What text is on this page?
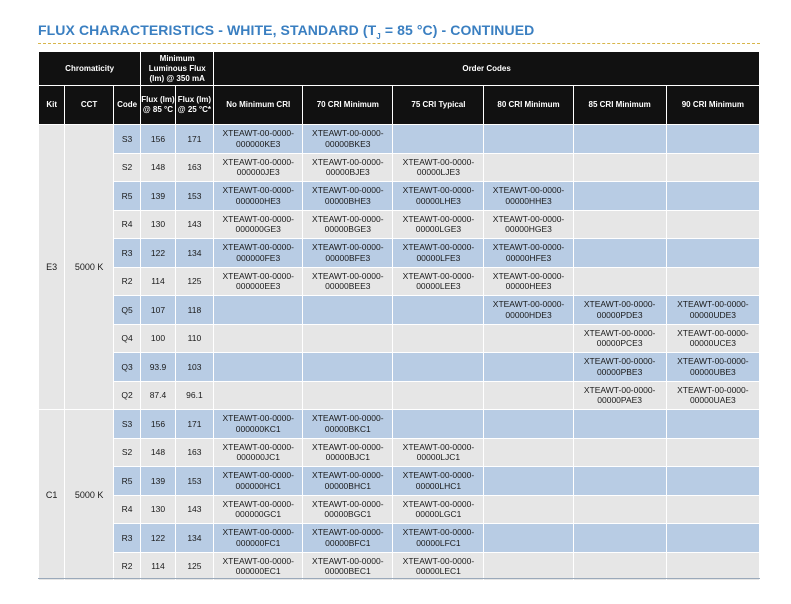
FLUX CHARACTERISTICS - WHITE, STANDARD ($T_J = 85$ °C) - CONTINUED
Chromaticity			Minimum Luminous Flux (lm) @ 350 mA		Order Codes					
Kit	CCT	Code	Flux (lm) @ 85 °C	Flux (lm) @ 25 °C*	No Minimum CRI	70 CRI Minimum	75 CRI Typical	80 CRI Minimum	85 CRI Minimum	90 CRI Minimum
E3	5000 K	S3	156	171	XTEAWT-00-0000-000000KE3	XTEAWT-00-0000-00000BKE3				
		S2	148	163	XTEAWT-00-0000-000000JE3	XTEAWT-00-0000-00000BJE3	XTEAWT-00-0000-00000LJE3			
		R5	139	153	XTEAWT-00-0000-000000HE3	XTEAWT-00-0000-00000BHE3	XTEAWT-00-0000-00000LHE3	XTEAWT-00-0000-00000HHE3		
		R4	130	143	XTEAWT-00-0000-000000GE3	XTEAWT-00-0000-00000BGE3	XTEAWT-00-0000-00000LGE3	XTEAWT-00-0000-00000HGE3		
		R3	122	134	XTEAWT-00-0000-000000FE3	XTEAWT-00-0000-00000BFE3	XTEAWT-00-0000-00000LFE3	XTEAWT-00-0000-00000HFE3		
		R2	114	125	XTEAWT-00-0000-000000EE3	XTEAWT-00-0000-00000BEE3	XTEAWT-00-0000-00000LEE3	XTEAWT-00-0000-00000HEE3		
		Q5	107	118				XTEAWT-00-0000-00000HDE3	XTEAWT-00-0000-00000PDE3	XTEAWT-00-0000-00000UDE3
		Q4	100	110					XTEAWT-00-0000-00000PCE3	XTEAWT-00-0000-00000UCE3
		Q3	93.9	103					XTEAWT-00-0000-00000PBE3	XTEAWT-00-0000-00000UBE3
		Q2	87.4	96.1					XTEAWT-00-0000-00000PAE3	XTEAWT-00-0000-00000UAE3
C1	5000 K	S3	156	171	XTEAWT-00-0000-000000KC1	XTEAWT-00-0000-00000BKC1				
		S2	148	163	XTEAWT-00-0000-000000JC1	XTEAWT-00-0000-00000BJC1	XTEAWT-00-0000-00000LJC1			
		R5	139	153	XTEAWT-00-0000-000000HC1	XTEAWT-00-0000-00000BHC1	XTEAWT-00-0000-00000LHC1			
		R4	130	143	XTEAWT-00-0000-000000GC1	XTEAWT-00-0000-00000BGC1	XTEAWT-00-0000-00000LGC1			
		R3	122	134	XTEAWT-00-0000-000000FC1	XTEAWT-00-0000-00000BFC1	XTEAWT-00-0000-00000LFC1			
		R2	114	125	XTEAWT-00-0000-000000EC1	XTEAWT-00-0000-00000BEC1	XTEAWT-00-0000-00000LEC1			
